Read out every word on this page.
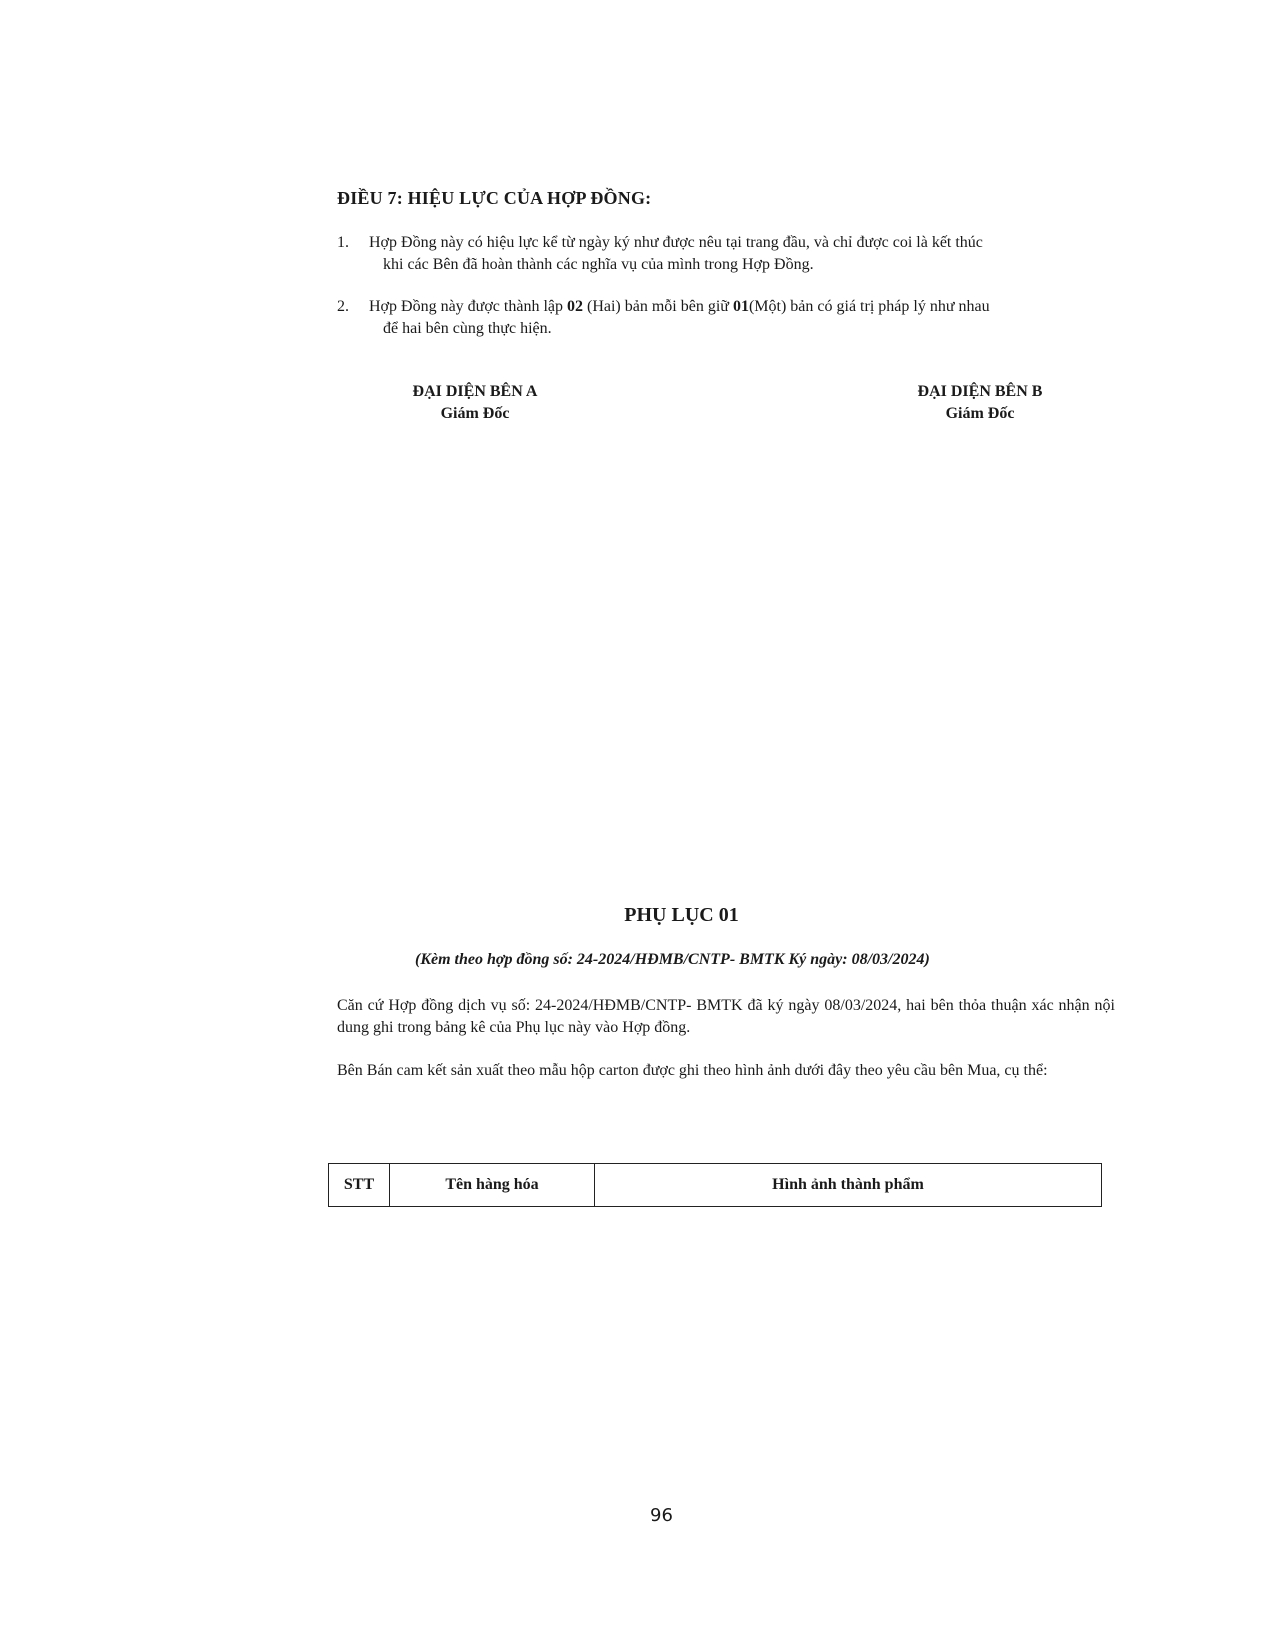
ĐIỀU 7: HIỆU LỰC CỦA HỢP ĐỒNG:
1. Hợp Đồng này có hiệu lực kể từ ngày ký như được nêu tại trang đầu, và chỉ được coi là kết thúc
khi các Bên đã hoàn thành các nghĩa vụ của mình trong Hợp Đồng.
2. Hợp Đồng này được thành lập 02 (Hai) bản mỗi bên giữ 01(Một) bản có giá trị pháp lý như nhau
để hai bên cùng thực hiện.
ĐẠI DIỆN BÊN A
Giám Đốc
ĐẠI DIỆN BÊN B
Giám Đốc
PHỤ LỤC 01
(Kèm theo hợp đồng số: 24-2024/HĐMB/CNTP- BMTK Ký ngày: 08/03/2024)
Căn cứ Hợp đồng dịch vụ số: 24-2024/HĐMB/CNTP- BMTK đã ký ngày 08/03/2024, hai bên thỏa thuận xác nhận nội dung ghi trong bảng kê của Phụ lục này vào Hợp đồng.
Bên Bán cam kết sản xuất theo mẫu hộp carton được ghi theo hình ảnh dưới đây theo yêu cầu bên Mua, cụ thể:
STT	Tên hàng hóa	Hình ảnh thành phẩm
96
